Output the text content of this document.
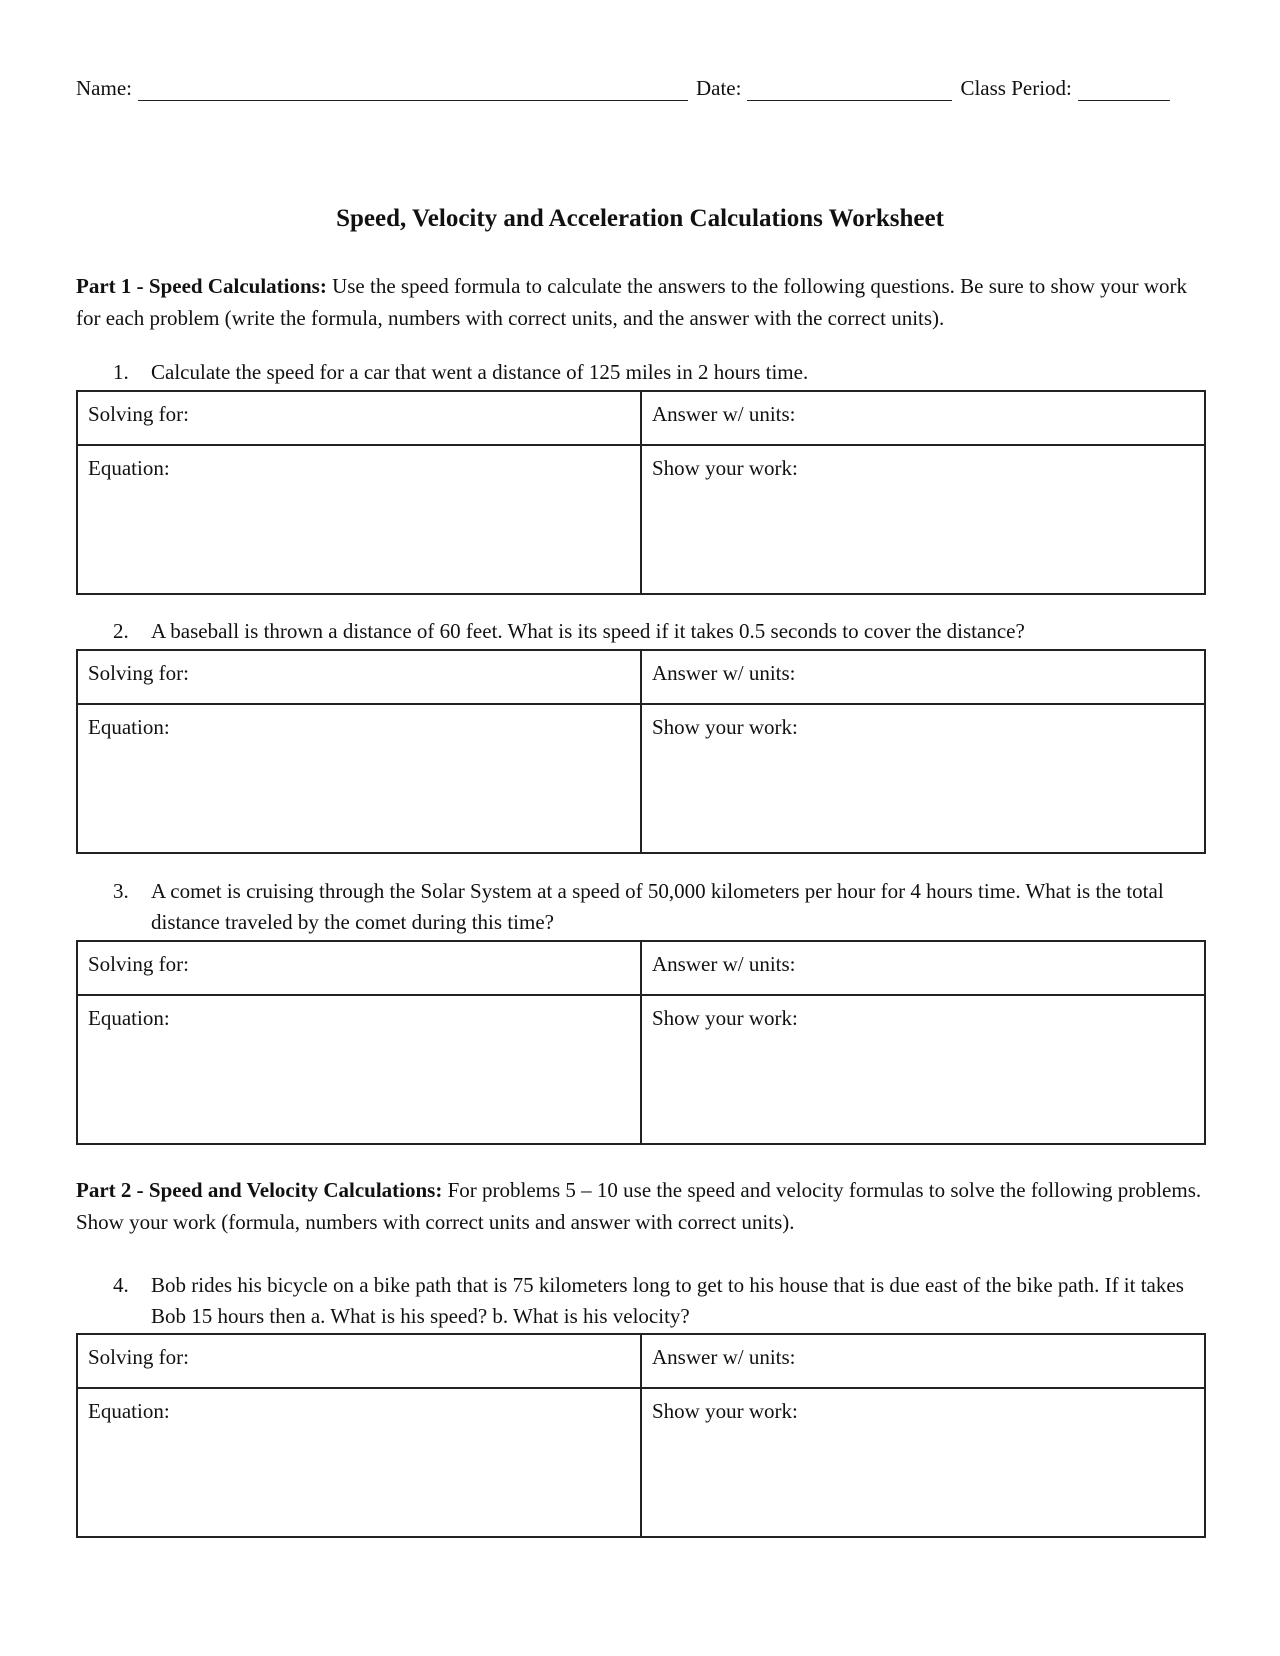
Name:	Date:	Class Period:
Speed, Velocity and Acceleration Calculations Worksheet
Part 1 - Speed Calculations: Use the speed formula to calculate the answers to the following questions. Be sure to show your work for each problem (write the formula, numbers with correct units, and the answer with the correct units).
1. Calculate the speed for a car that went a distance of 125 miles in 2 hours time.
Solving for:	Answer w/ units:
Equation:	Show your work:
2. A baseball is thrown a distance of 60 feet. What is its speed if it takes 0.5 seconds to cover the distance?
Solving for:	Answer w/ units:
Equation:	Show your work:
3. A comet is cruising through the Solar System at a speed of 50,000 kilometers per hour for 4 hours time. What is the total distance traveled by the comet during this time?
Solving for:	Answer w/ units:
Equation:	Show your work:
Part 2 - Speed and Velocity Calculations: For problems 5 – 10 use the speed and velocity formulas to solve the following problems. Show your work (formula, numbers with correct units and answer with correct units).
4. Bob rides his bicycle on a bike path that is 75 kilometers long to get to his house that is due east of the bike path. If it takes Bob 15 hours then a. What is his speed? b. What is his velocity?
Solving for:	Answer w/ units:
Equation:	Show your work:
